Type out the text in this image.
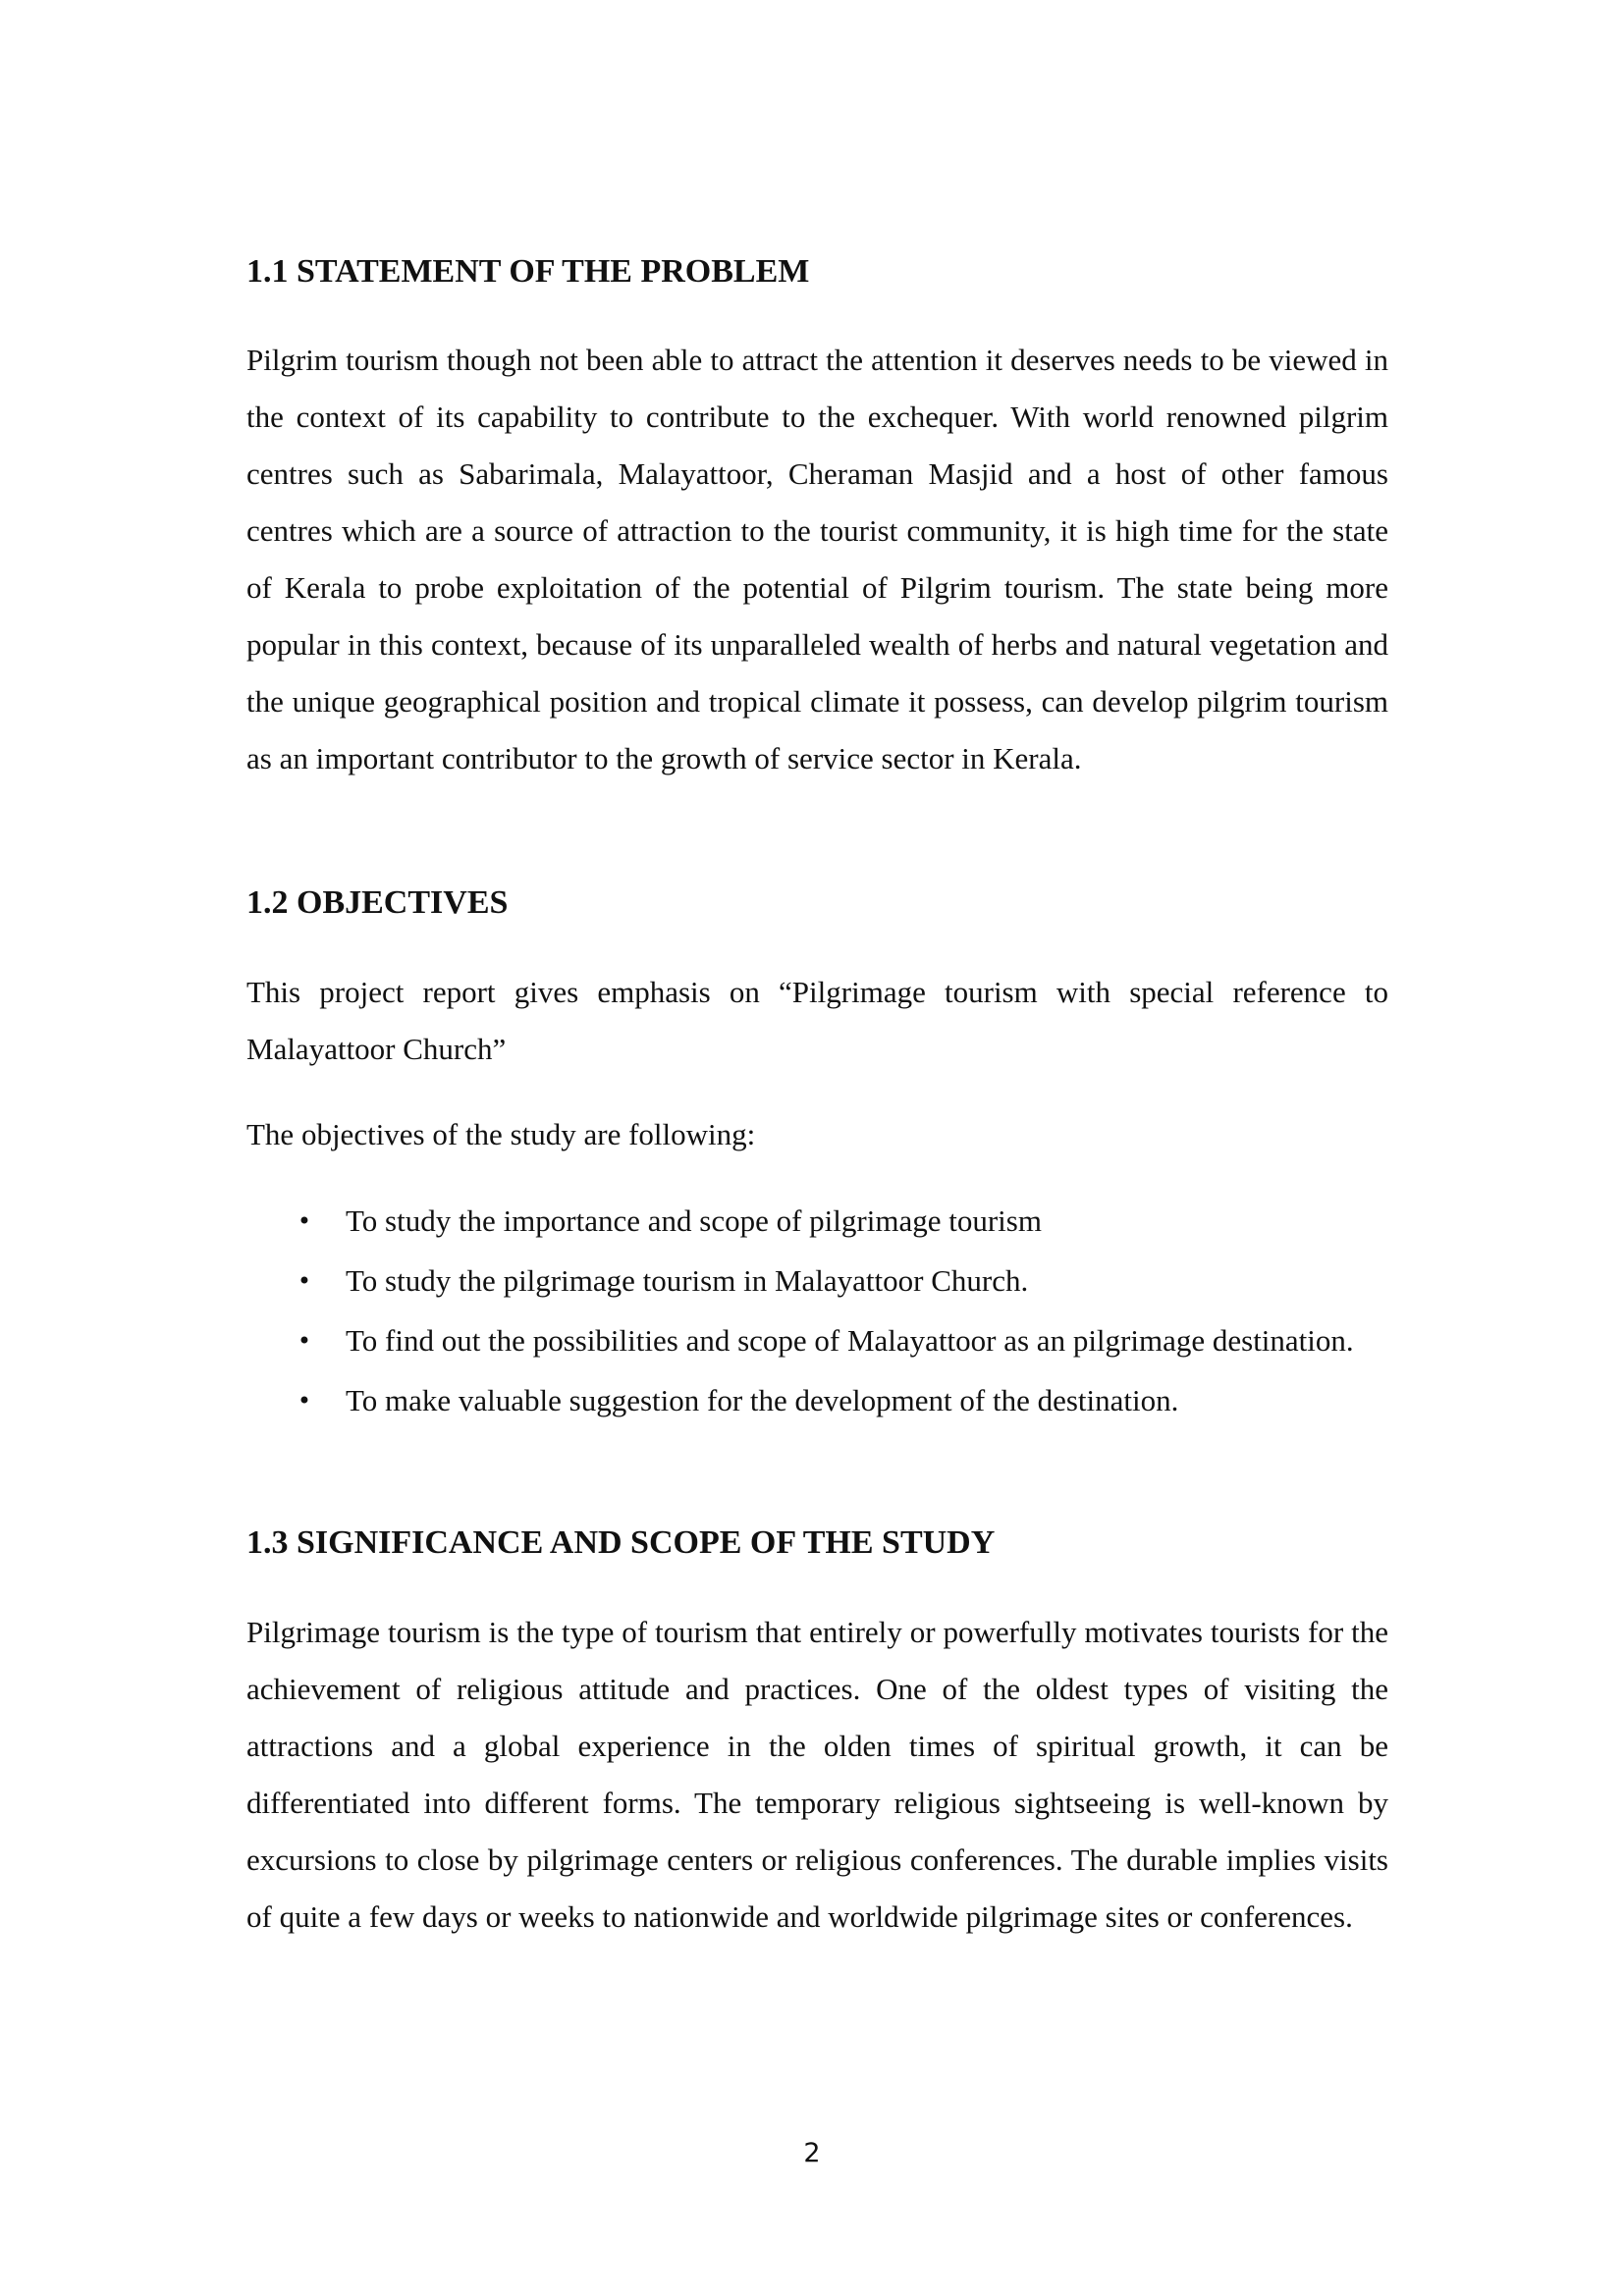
1.1 STATEMENT OF THE PROBLEM

Pilgrim tourism though not been able to attract the attention it deserves needs to be viewed in the context of its capability to contribute to the exchequer. With world renowned pilgrim centres such as Sabarimala, Malayattoor, Cheraman Masjid and a host of other famous centres which are a source of attraction to the tourist community, it is high time for the state of Kerala to probe exploitation of the potential of Pilgrim tourism. The state being more popular in this context, because of its unparalleled wealth of herbs and natural vegetation and the unique geographical position and tropical climate it possess, can develop pilgrim tourism as an important contributor to the growth of service sector in Kerala.

1.2 OBJECTIVES

This project report gives emphasis on “Pilgrimage tourism with special reference to Malayattoor Church”

The objectives of the study are following:

• To study the importance and scope of pilgrimage tourism
• To study the pilgrimage tourism in Malayattoor Church.
• To find out the possibilities and scope of Malayattoor as an pilgrimage destination.
• To make valuable suggestion for the development of the destination.
1.3 SIGNIFICANCE AND SCOPE OF THE STUDY

Pilgrimage tourism is the type of tourism that entirely or powerfully motivates tourists for the achievement of religious attitude and practices. One of the oldest types of visiting the attractions and a global experience in the olden times of spiritual growth, it can be differentiated into different forms. The temporary religious sightseeing is well-known by excursions to close by pilgrimage centers or religious conferences. The durable implies visits of quite a few days or weeks to nationwide and worldwide pilgrimage sites or conferences.

2
